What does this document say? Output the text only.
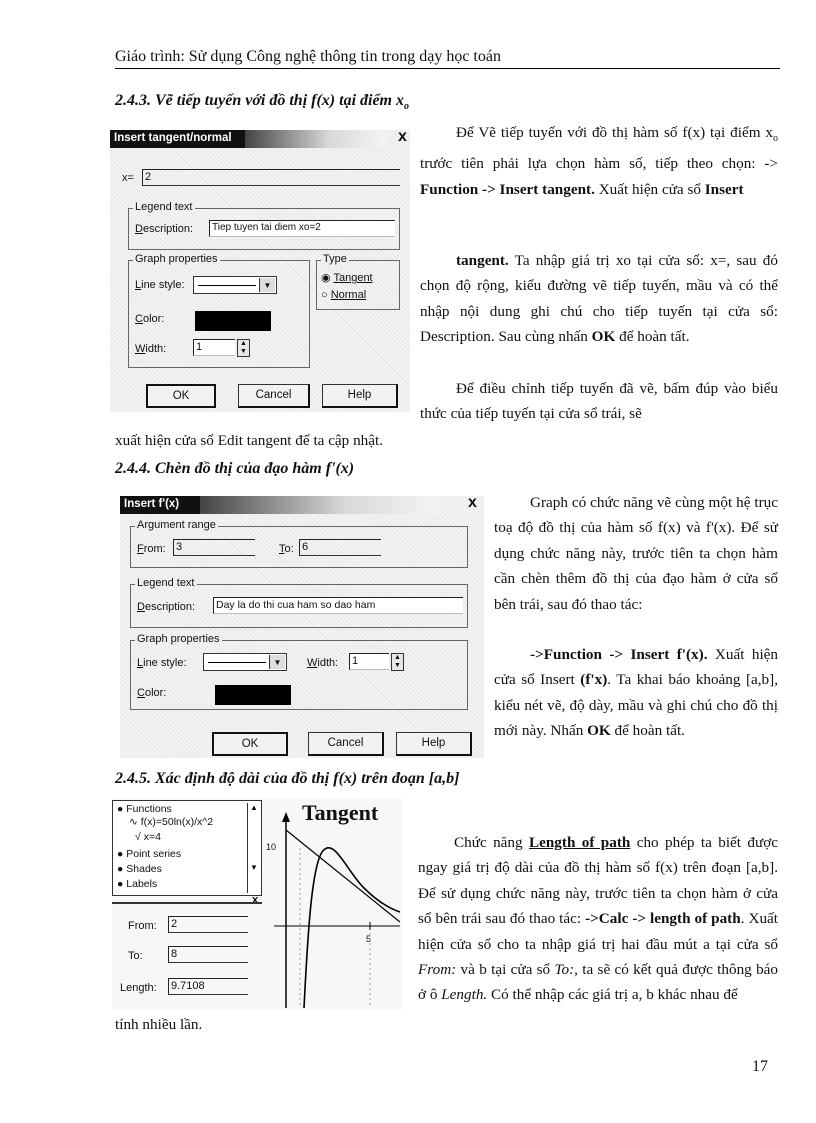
Giáo trình: Sử dụng Công nghệ thông tin trong dạy học toán
2.4.3. Vẽ tiếp tuyến với đồ thị f(x) tại điểm $x_o$
Insert tangent/normal	x
x= 2
Legend text
Description:	Tiep tuyen tai diem xo=2
Graph properties
Line style:	▼
Color:
Width:	1	▲
▼
Type
◉ Tangent
○ Normal
OK	Cancel	Help
Để Vẽ tiếp tuyến với đồ thị hàm số f(x) tại điểm $x_o$ trước tiên phải lựa chọn hàm số, tiếp theo chọn: -> Function -> Insert tangent. Xuất hiện cửa sổ Insert
tangent. Ta nhập giá trị xo tại cửa sổ: x=, sau đó chọn độ rộng, kiểu đường vẽ tiếp tuyến, mầu và có thể nhập nội dung ghi chú cho tiếp tuyến tại cửa sổ: Description. Sau cùng nhấn OK để hoàn tất.
Để điều chỉnh tiếp tuyến đã vẽ, bấm đúp vào biểu thức của tiếp tuyến tại cửa sổ trái, sẽ
xuất hiện cửa sổ Edit tangent để ta cập nhật.
2.4.4. Chèn đồ thị của đạo hàm f'(x)
Insert f'(x)	x
Argument range
From: 3	To: 6
Legend text
Description: Day la do thi cua ham so dao ham
Graph properties
Line style:	▼	Width: 1	▲
▼
Color:
OK	Cancel	Help
Graph có chức năng vẽ cùng một hệ trục toạ độ đồ thị của hàm số f(x) và f'(x). Để sử dụng chức năng này, trước tiên ta chọn hàm cần chèn thêm đồ thị của đạo hàm ở cửa sổ bên trái, sau đó thao tác:
->Function -> Insert f'(x). Xuất hiện cửa sổ Insert (f'x). Ta khai báo khoảng [a,b], kiểu nét vẽ, độ dày, mầu và ghi chú cho đồ thị mới này. Nhấn OK để hoàn tất.
2.4.5. Xác định độ dài của đồ thị f(x) trên đoạn [a,b]
● Functions
∿ f(x)=50ln(x)/x^2
√ x=4
● Point series
● Shades
● Labels
▲

▼
x
From: 2
To:	8
Length: 9.7108
Tangent
10
5
Chức năng Length of path cho phép ta biết được ngay giá trị độ dài của đồ thị hàm số f(x) trên đoạn [a,b]. Để sử dụng chức năng này, trước tiên ta chọn hàm ở cửa sổ bên trái sau đó thao tác: ->Calc -> length of path. Xuất hiện cửa sổ cho ta nhập giá trị hai đầu mút a tại cửa sổ From: và b tại cửa sổ To:, ta sẽ có kết quả được thông báo ở ô Length. Có thể nhập các giá trị a, b khác nhau để
tính nhiều lần.
17
